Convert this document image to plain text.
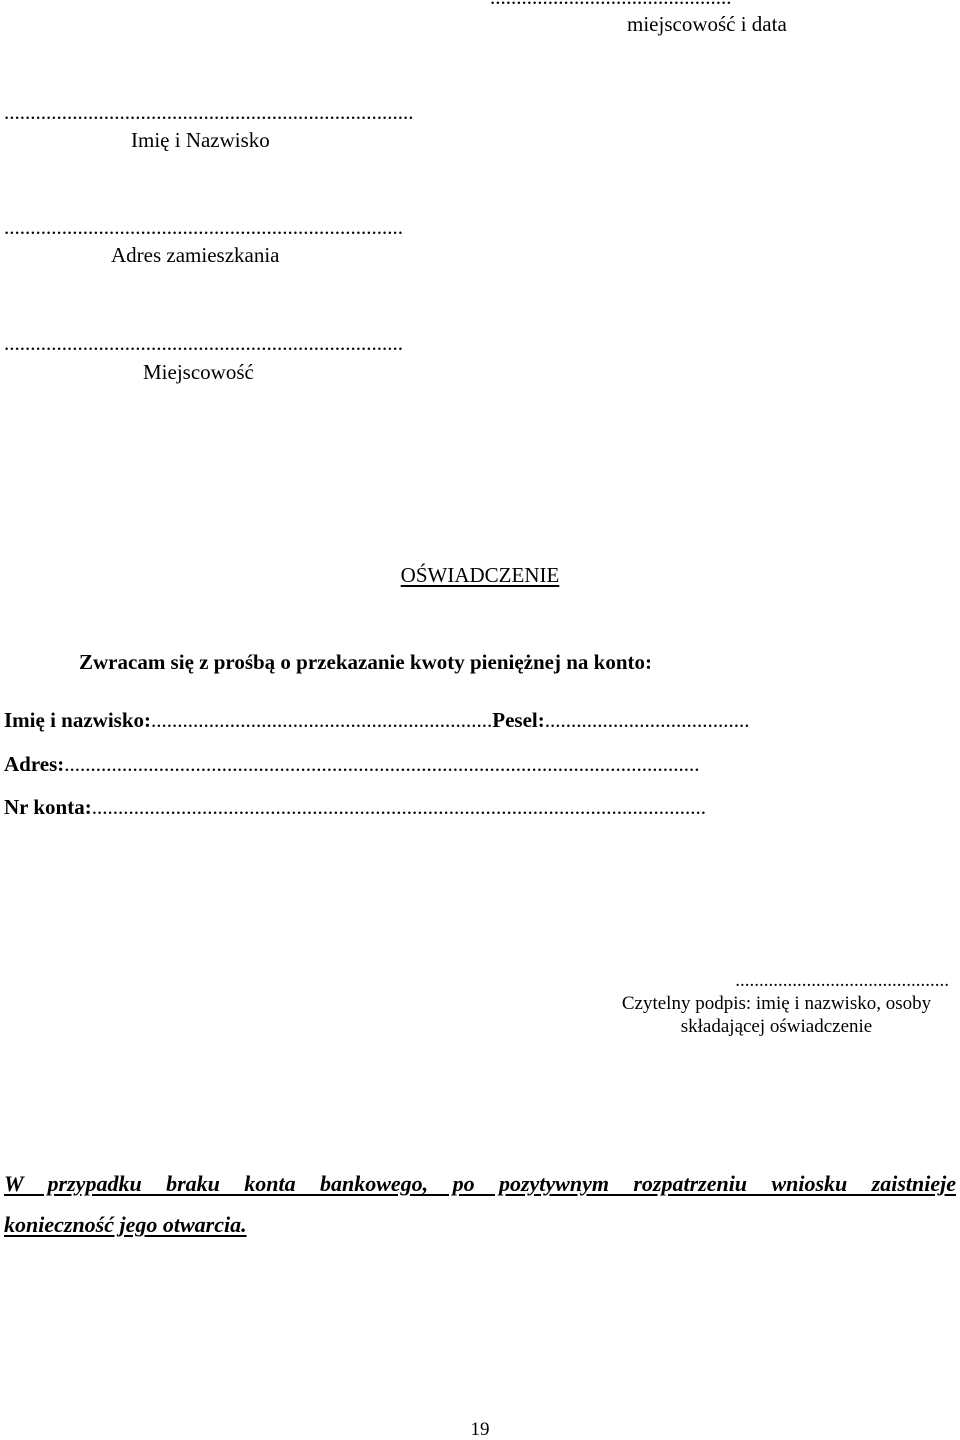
miejscowość i data
..............................................................................
Imię i Nazwisko
............................................................................
Adres zamieszkania
............................................................................
Miejscowość
OŚWIADCZENIE
Zwracam się z prośbą o przekazanie kwoty pieniężnej na konto:
Imię i nazwisko:.................................................................Pesel:.......................................
Adres:.........................................................................................................................
Nr konta:.....................................................................................................................
.............................................
Czytelny podpis: imię i nazwisko, osoby
składającej oświadczenie
W przypadku braku konta bankowego, po pozytywnym rozpatrzeniu wniosku zaistnieje
konieczność jego otwarcia.
19
